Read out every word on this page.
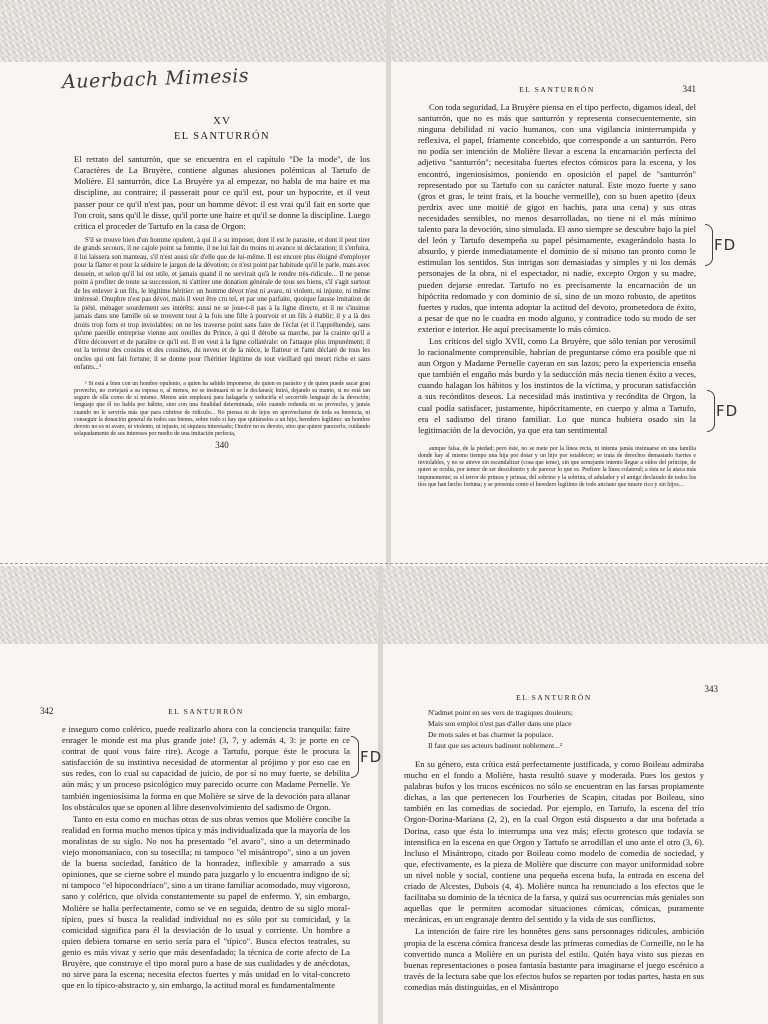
Auerbach Mimesis
XV
EL SANTURRÓN

El retrato del santurrón, que se encuentra en el capítulo "De la mode", de los Caractères de La Bruyère, contiene algunas alusiones polémicas al Tartufo de Molière. El santurrón, dice La Bruyère ya al empezar, no habla de ma haire et ma discipline, au contraire; il passerait pour ce qu'il est, pour un hypocrite, et il veut passer pour ce qu'il n'est pas, pour un homme dévot: il est vrai qu'il fait en sorte que l'on croit, sans qu'il le disse, qu'il porte une haire et qu'il se donne la discipline. Luego critica el proceder de Tartufo en la casa de Orgon:

S'il se trouve bien d'un homme opulent, à qui il a su imposer, dont il est le parasite, et dont il peut tirer de grands secours, il ne cajole point sa femme, il ne lui fait du moins ni avance ni déclaration; il s'enfuira, il lui laissera son manteau, s'il n'est aussi sûr d'elle que de lui-même. Il est encore plus éloigné d'employer pour la flatter et pour la séduire le jargon de la dévotion; ce n'est point par habitude qu'il le parle, mais avec dessein, et selon qu'il lui est utile, et jamais quand il ne servirait qu'à le rendre très-ridicule... Il ne pense point à profiter de toute sa succession, ni s'attirer une donation générale de tous ses biens, s'il s'agit surtout de les enlever à un fils, le légitime héritier: un homme dévot n'est ni avare, ni violent, ni injuste, ni même intéressé. Onuphre n'est pas dévot, mais il veut être cru tel, et par une parfaite, quoique fausse imitation de la piété, ménager sourdement ses intérêts: aussi ne se joue-t-il pas à la ligne directe, et il ne s'insinue jamais dans une famille où se trouvent tout à la fois une fille à pourvoir et un fils à établir; il y a là des droits trop forts et trop inviolables: on ne les traverse point sans faire de l'éclat (et il l'appréhende), sans qu'une pareille entreprise vienne aux oreilles du Prince, à qui il dérobe sa marche, par la crainte qu'il a d'être découvert et de paraître ce qu'il est. Il en veut à la ligne collatérale: on l'attaque plus impunément; il est la terreur des cousins et des cousines, du neveu et de la nièce, le flatteur et l'ami déclaré de tous les oncles qui ont fait fortune; il se donne pour l'héritier légitime de tout vieillard qui meurt riche et sans enfants...¹

¹ Si está a bien con un hombre opulento, a quien ha sabido imponerse, de quien es parásito y de quien puede sacar gran provecho, no cortejará a su esposa o, al menos, no se insinuará ni se le declarará; huirá, dejando su manto, si no está tan seguro de ella como de sí mismo. Menos aún empleará para halagarla y seducirla el socorrido lenguaje de la devoción; lenguaje que él no habla por hábito, sino con una finalidad determinada, sólo cuando redunda en su provecho, y jamás cuando no le serviría más que para cubrirse de ridículo... No piensa ni de lejos en aprovecharse de toda su herencia, ni conseguir la donación general de todos sus bienes, sobre todo si hay que quitárselos a un hijo, heredero legítimo: un hombre devoto no es ni avaro, ni violento, ni injusto, ni siquiera interesado; Onofre no es devoto, sino que quiere parecerlo, cuidando solapadamente de sus intereses por medio de una imitación perfecta,

340
EL SANTURRÓN	341

Con toda seguridad, La Bruyère piensa en el tipo perfecto, digamos ideal, del santurrón, que no es más que santurrón y representa consecuentemente, sin ninguna debilidad ni vacío humanos, con una vigilancia ininterrumpida y reflexiva, el papel, fríamente concebido, que corresponde a un santurrón. Pero no podía ser intención de Molière llevar a escena la encarnación perfecta del adjetivo "santurrón"; necesitaba fuertes efectos cómicos para la escena, y los encontró, ingeniosísimos, poniendo en oposición el papel de "santurrón" representado por su Tartufo con su carácter natural. Este mozo fuerte y sano (gros et gras, le teint frais, et la bouche vermeille), con su buen apetito (deux perdrix avec une moitié de gigot en hachis, para una cena) y sus otras necesidades sensibles, no menos desarrolladas, no tiene ni el más mínimo talento para la devoción, sino simulada. El asno siempre se descubre bajo la piel del león y Tartufo desempeña su papel pésimamente, exagerándolo hasta lo absurdo, y pierde inmediatamente el dominio de sí mismo tan pronto como le estimulan los sentidos. Sus intrigas son demasiadas y simples y ni los demás personajes de la obra, ni el espectador, ni nadie, excepto Orgon y su madre, pueden dejarse enredar. Tartufo no es precisamente la encarnación de un hipócrita redomado y con dominio de sí, sino de un mozo robusto, de apetitos fuertes y rudos, que intenta adoptar la actitud del devoto, prometedora de éxito, a pesar de que no le cuadra en modo alguno, y contradice todo su modo de ser exterior e interior. He aquí precisamente lo más cómico.

Los críticos del siglo XVII, como La Bruyère, que sólo tenían por verosímil lo racionalmente comprensible, habrían de preguntarse cómo era posible que ni aun Orgon y Madame Pernelle cayeran en sus lazos; pero la experiencia enseña que también el engaño más burdo y la seducción más necia tienen éxito a veces, cuando halagan los hábitos y los instintos de la víctima, y procuran satisfacción a sus recónditos deseos. La necesidad más instintiva y recóndita de Orgon, la cual podía satisfacer, justamente, hipócritamente, en cuerpo y alma a Tartufo, era el sadismo del tirano familiar. Lo que nunca hubiera osado sin la legitimación de la devoción, ya que era tan sentimental

aunque falsa, de la piedad; pero éste, no se mete por la línea recta, ni intenta jamás insinuarse en una familia donde hay al mismo tiempo una hija por dotar y un hijo por establecer; se trata de derechos demasiado fuertes e inviolables, y no se atreve sin escandalizar (cosa que teme), sin que semejante intento llegue a oídos del príncipe, de quien se oculta, por temor de ser descubierto y de parecer lo que es. Prefiere la línea colateral; a ésta se la ataca más impunemente; es el terror de primos y primas, del sobrino y la sobrina, el adulador y el amigo declarado de todos los tíos que han hecho fortuna; y se presenta como el heredero legítimo de todo anciano que muere rico y sin hijos...

FD
FD
342	EL SANTURRÓN

e inseguro como colérico, puede realizarlo ahora con la conciencia tranquila: faire enrager le monde est ma plus grande joie! (3, 7, y además 4, 3: je porte en ce contrat de quoi vous faire rire). Acoge a Tartufo, porque éste le procura la satisfacción de su instintiva necesidad de atormentar al prójimo y por eso cae en sus redes, con lo cual su capacidad de juicio, de por sí no muy fuerte, se debilita aún más; y un proceso psicológico muy parecido ocurre con Madame Pernelle. Ye también ingeniosísima la forma en que Molière se sirve de la devoción para allanar los obstáculos que se oponen al libre desenvolvimiento del sadismo de Orgon.

Tanto en esta como en muchas otras de sus obras vemos que Molière concibe la realidad en forma mucho menos típica y más individualizada que la mayoría de los moralistas de su siglo. No nos ha presentado "el avaro", sino a un determinado viejo monomaníaco, con su tosecilla; ni tampoco "el misántropo", sino a un joven de la buena sociedad, fanático de la honradez, inflexible y amarrado a sus opiniones, que se cierne sobre el mundo para juzgarlo y lo encuentra indigno de sí; ni tampoco "el hipocondríaco", sino a un tirano familiar acomodado, muy vigoroso, sano y colérico, que olvida constantemente su papel de enfermo. Y, sin embargo, Molière se halla perfectamente, como se ve en seguida, dentro de su siglo moral-típico, pues sí busca la realidad individual no es sólo por su comicidad, y la comicidad significa para él la desviación de lo usual y corriente. Un hombre a quien debiera tomarse en serio sería para el "típico". Busca efectos teatrales, su genio es más vivaz y serio que más desenfadado; la técnica de corte afecto de La Bruyère, que construye el tipo moral puro a base de sus cualidades y de anécdotas, no sirve para la escena; necesita efectos fuertes y más unidad en lo vital-concreto que en lo típico-abstracto y, sin embargo, la actitud moral es fundamentalmente

FD
EL SANTURRÓN
343

N'admet point en ses vers de tragiques douleurs;

Mais son emploi n'est pas d'aller dans une place

De mots sales et bas charmer la populace.

Il faut que ses acteurs badinent noblement...²

En su género, esta crítica está perfectamente justificada, y como Boileau admiraba mucho en el fondo a Molière, hasta resultó suave y moderada. Pues los gestos y palabras bufos y los trucos escénicos no sólo se encuentran en las farsas propiamente dichas, a las que pertenecen los Fourberies de Scapin, citadas por Boileau, sino también en las comedias de sociedad. Por ejemplo, en Tartufo, la escena del trío Orgon-Dorina-Mariana (2, 2), en la cual Orgon está dispuesto a dar una bofetada a Dorina, caso que ésta lo interrumpa una vez más; efecto grotesco que todavía se intensifica en la escena en que Orgon y Tartufo se arrodillan el uno ante el otro (3, 6). Incluso el Misántropo, citado por Boileau como modelo de comedia de sociedad, y que, efectivamente, es la pieza de Molière que discurre con mayor uniformidad sobre un nivel noble y social, contiene una pequeña escena bufa, la entrada en escena del criado de Alcestes, Dubois (4, 4). Molière nunca ha renunciado a los efectos que le facilitaba su dominio de la técnica de la farsa, y quizá sus ocurrencias más geniales son aquellas que le permiten acomodar situaciones cómicas, cómicas, puramente mecánicas, en un engranaje dentro del sentido y la vida de sus conflictos.

La intención de faire rire les honnêtes gens sans personnages ridicules, ambición propia de la escena cómica francesa desde las primeras comedias de Corneille, no le ha convertido nunca a Molière en un purista del estilo. Quién haya visto sus piezas en buenas representaciones o posea fantasía bastante para imaginarse el juego escénico a través de la lectura sabe que los efectos bufos se reparten por todas partes, hasta en sus comedias más distinguidas, en el Misántropo
